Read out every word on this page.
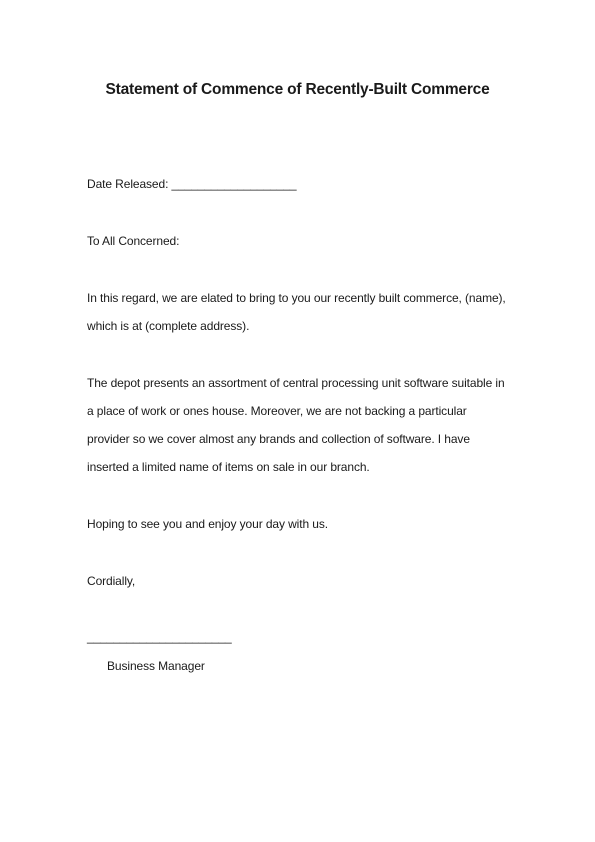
Statement of Commence of Recently-Built Commerce
Date Released: ___________________
To All Concerned:
In this regard, we are elated to bring to you our recently built commerce, (name),
which is at (complete address).
The depot presents an assortment of central processing unit software suitable in
a place of work or ones house. Moreover, we are not backing a particular
provider so we cover almost any brands and collection of software. I have
inserted a limited name of items on sale in our branch.
Hoping to see you and enjoy your day with us.
Cordially,
______________________
Business Manager
